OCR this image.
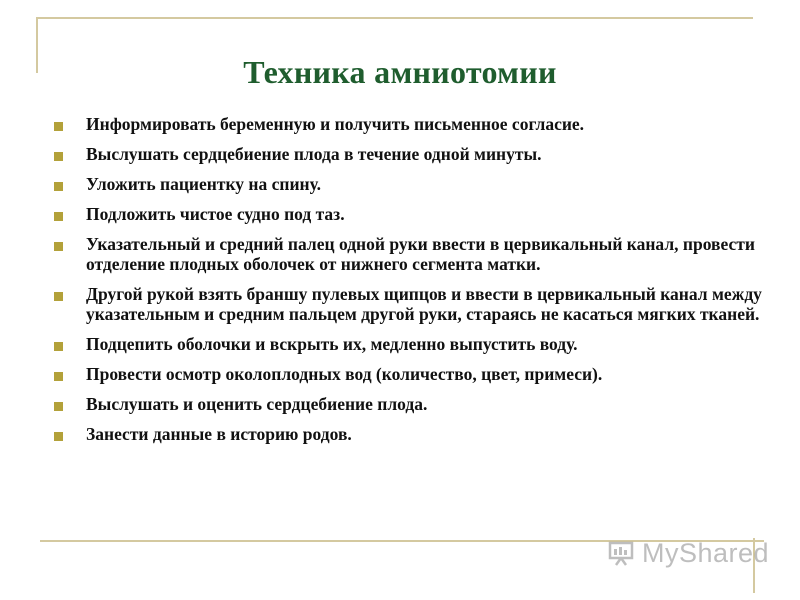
Техника амниотомии
Информировать беременную и получить письменное согласие.
Выслушать сердцебиение плода в течение одной минуты.
Уложить пациентку на спину.
Подложить чистое судно под таз.
Указательный и средний палец одной руки ввести в цервикальный канал, провести отделение плодных оболочек от нижнего сегмента матки.
Другой рукой взять браншу пулевых щипцов и ввести в цервикальный канал между указательным и средним пальцем другой руки, стараясь не касаться мягких тканей.
Подцепить оболочки и вскрыть их, медленно выпустить воду.
Провести осмотр околоплодных вод (количество, цвет, примеси).
Выслушать и оценить сердцебиение плода.
Занести данные в историю родов.
MyShared
